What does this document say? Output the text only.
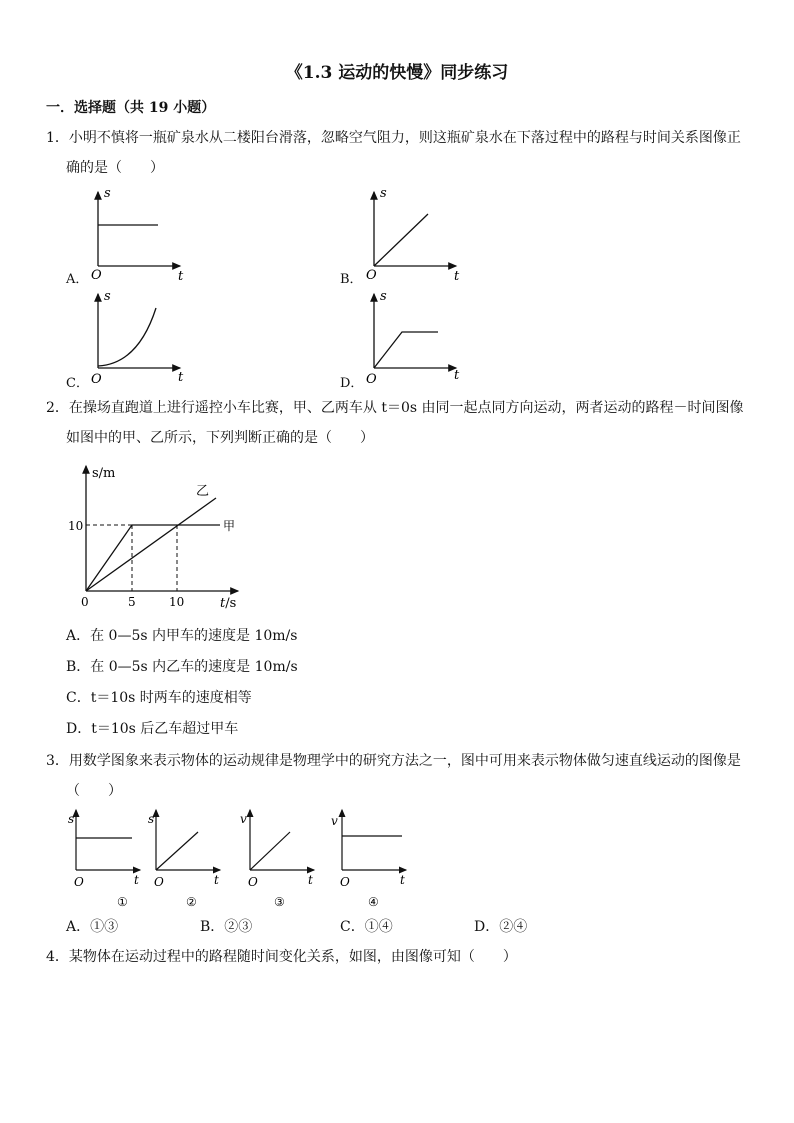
《1.3 运动的快慢》同步练习
一．选择题（共 19 小题）
1．小明不慎将一瓶矿泉水从二楼阳台滑落，忽略空气阻力，则这瓶矿泉水在下落过程中的路程与时间关系图像正
确的是（　　）
A．	B．
C．	D．
s
t
O
s
t
O
s
t
O
s
t
O
2．在操场直跑道上进行遥控小车比赛，甲、乙两车从 t＝0s 由同一起点同方向运动，两者运动的路程－时间图像
如图中的甲、乙所示，下列判断正确的是（　　）
s/m
t/s
10
0	5	10
甲
乙
A．在 0—5s 内甲车的速度是 10m/s
B．在 0—5s 内乙车的速度是 10m/s
C．t＝10s 时两车的速度相等
D．t＝10s 后乙车超过甲车
3．用数学图象来表示物体的运动规律是物理学中的研究方法之一，图中可用来表示物体做匀速直线运动的图像是
（　　）
s
t
O
①
s
t
O
②
v
t
O
③
v
t
O
④
A．①③	B．②③	C．①④	D．②④
4．某物体在运动过程中的路程随时间变化关系，如图，由图像可知（　　）
